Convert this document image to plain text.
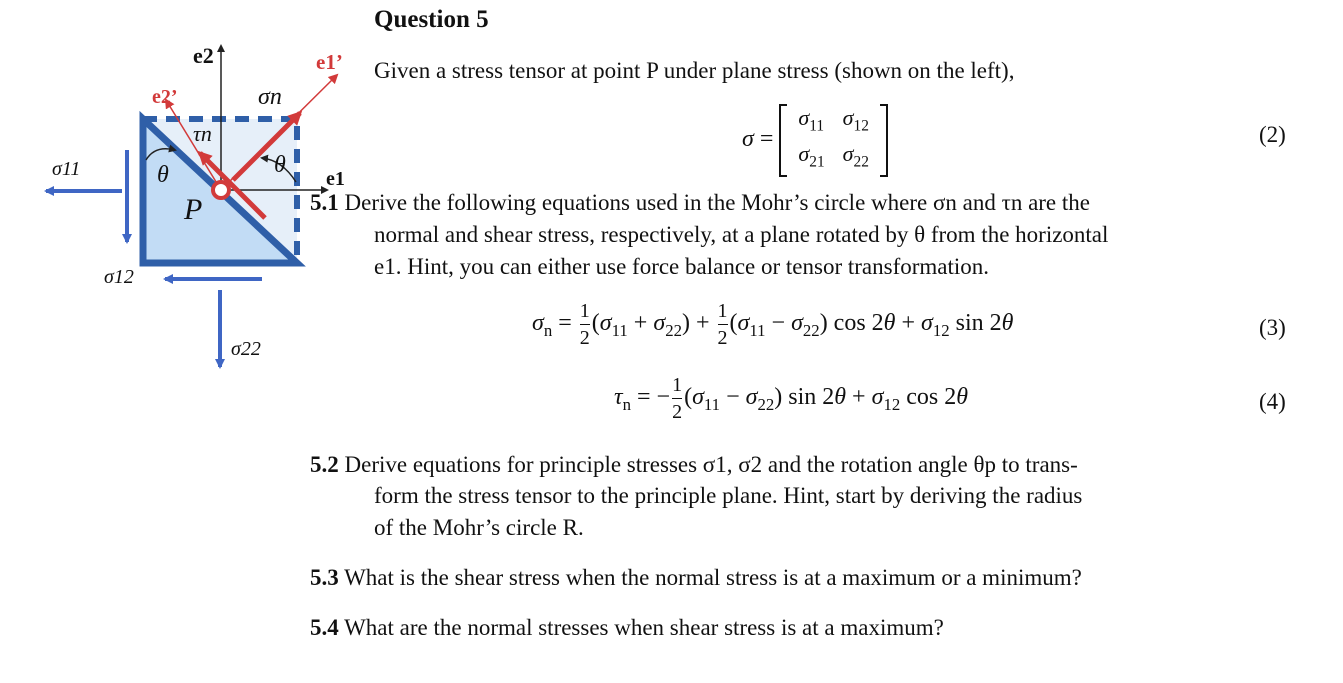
e2
e1
e2’
e1’
σn
τn
θ	θ
P
σ11
σ12
σ22
Question 5
Given a stress tensor at point P under plane stress (shown on the left),
σ =
$\sigma_{11}$	$\sigma_{12}$
$\sigma_{21}$	$\sigma_{22}$
(2)
5.1 Derive the following equations used in the Mohr’s circle where σn and τn are the
normal and shear stress, respectively, at a plane rotated by θ from the horizontal
e1. Hint, you can either use force balance or tensor transformation.
$\sigma_n = \frac{1}{2} (\sigma_{11} + \sigma_{22}) + \frac{1}{2} (\sigma_{11} - \sigma_{22})$ $\cos 2\theta + \sigma_{12}$ sin 2θ	(3)
$\tau_n$ = − $\frac{1}{2} (\sigma_{11} - \sigma_{22})$ $\sin 2\theta + \sigma_{12}$ cos 2θ	(4)
5.2 Derive equations for principle stresses σ1, σ2 and the rotation angle θp to trans-
form the stress tensor to the principle plane. Hint, start by deriving the radius
of the Mohr’s circle R.
5.3 What is the shear stress when the normal stress is at a maximum or a minimum?
5.4 What are the normal stresses when shear stress is at a maximum?
